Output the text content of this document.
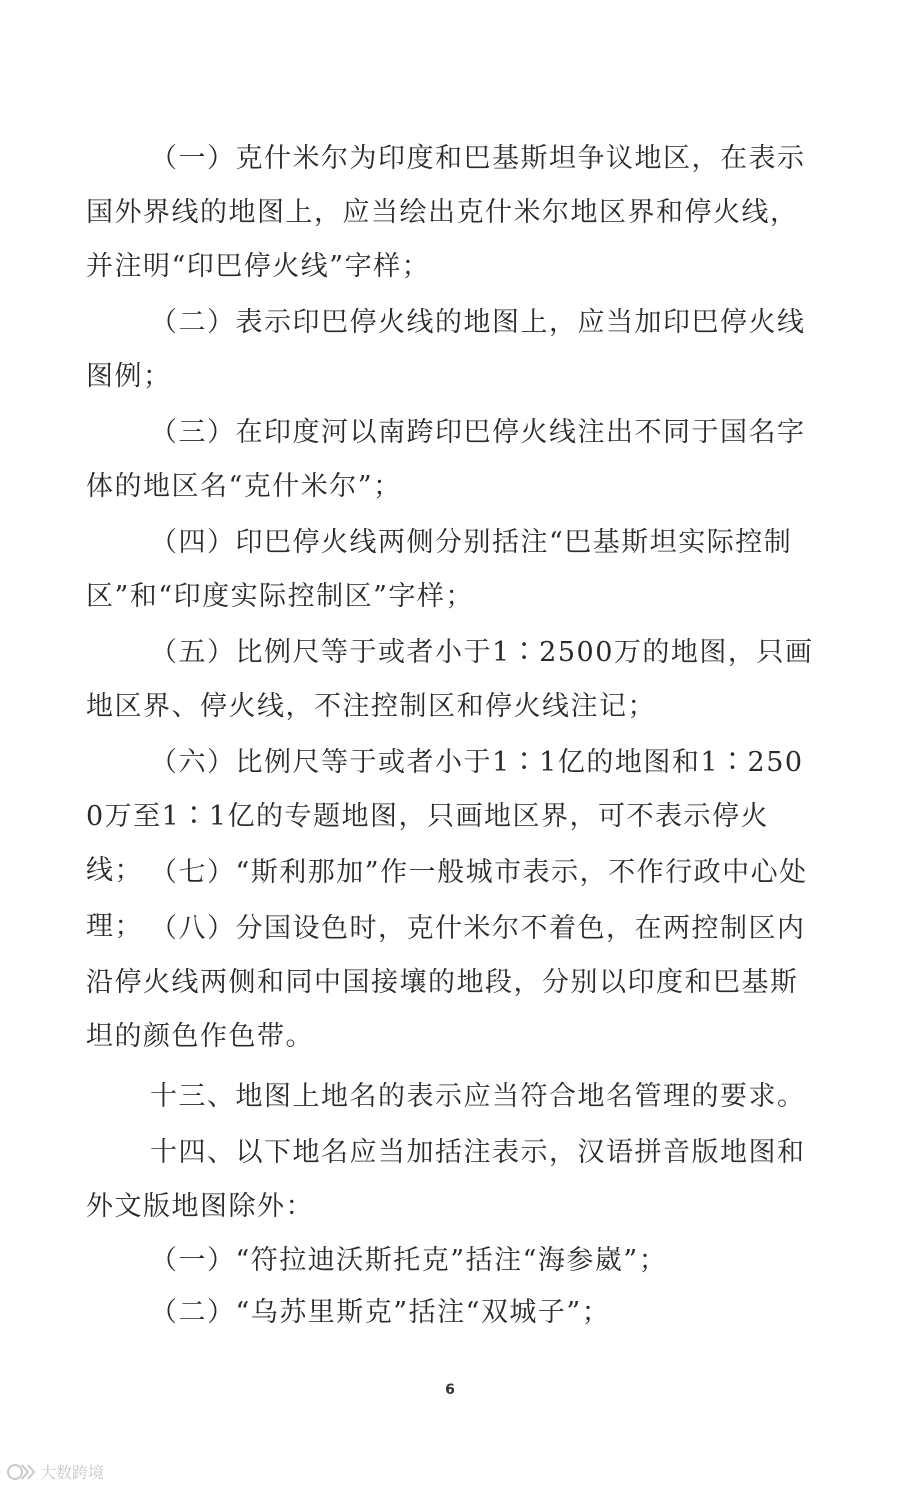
（一）克什米尔为印度和巴基斯坦争议地区，在表示国外界线的地图上，应当绘出克什米尔地区界和停火线，并注明“印巴停火线”字样；

（二）表示印巴停火线的地图上，应当加印巴停火线图例；

（三）在印度河以南跨印巴停火线注出不同于国名字体的地区名“克什米尔”；

（四）印巴停火线两侧分别括注“巴基斯坦实际控制区”和“印度实际控制区”字样；

（五）比例尺等于或者小于1∶2500万的地图，只画地区界、停火线，不注控制区和停火线注记；

（六）比例尺等于或者小于1∶1亿的地图和1∶2500万至1∶1亿的专题地图，只画地区界，可不表示停火线； （七）“斯利那加”作一般城市表示，不作行政中心处理； （八）分国设色时，克什米尔不着色，在两控制区内沿停火线两侧和同中国接壤的地段，分别以印度和巴基斯坦的颜色作色带。

十三、地图上地名的表示应当符合地名管理的要求。

十四、以下地名应当加括注表示，汉语拼音版地图和外文版地图除外：

（一）“符拉迪沃斯托克”括注“海参崴”；

（二）“乌苏里斯克”括注“双城子”；

6
大数跨境
